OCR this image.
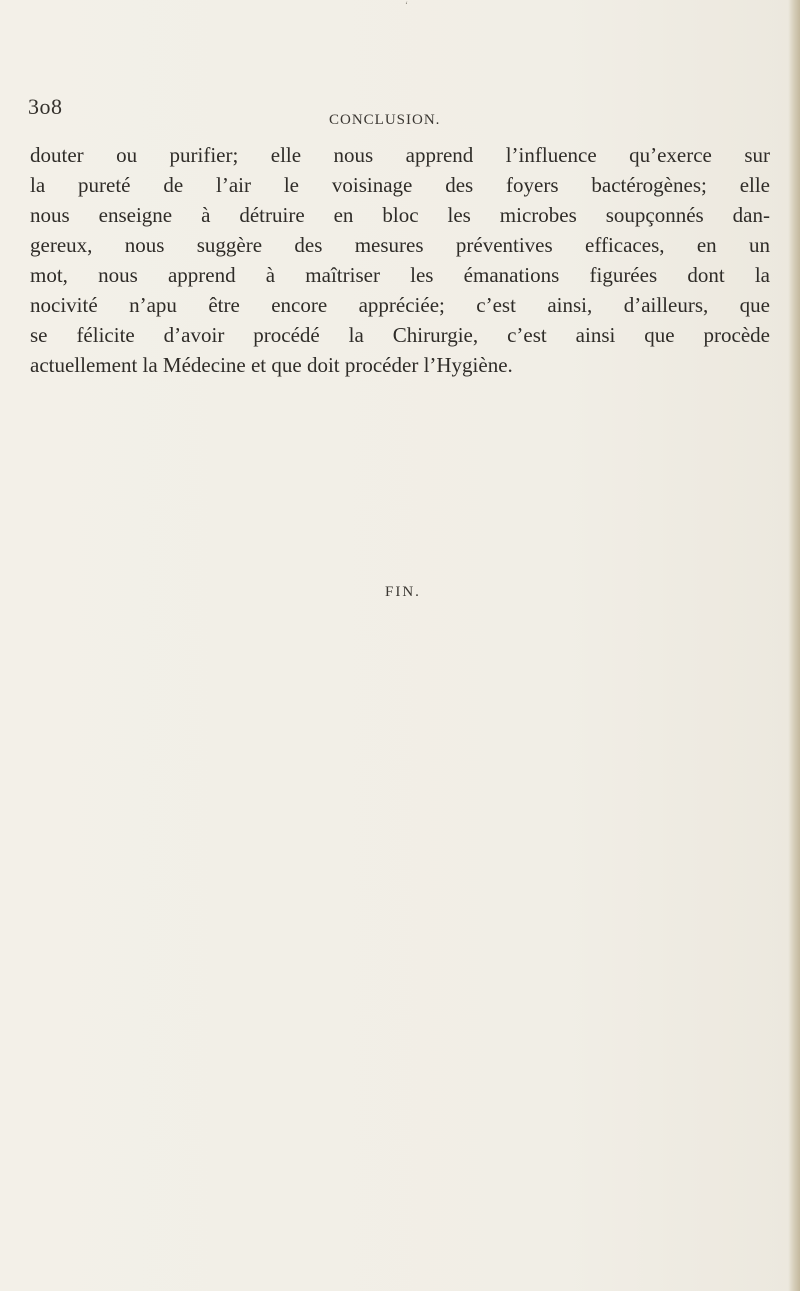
ʻ
3o8
CONCLUSION.
douter ou purifier; elle nous apprend l’influence qu’exerce sur
la pureté de l’air le voisinage des foyers bactérogènes; elle
nous enseigne à détruire en bloc les microbes soupçonnés dan-
gereux, nous suggère des mesures préventives efficaces, en un
mot, nous apprend à maîtriser les émanations figurées dont la
nocivité n’apu être encore appréciée; c’est ainsi, d’ailleurs, que
se félicite d’avoir procédé la Chirurgie, c’est ainsi que procède
actuellement la Médecine et que doit procéder l’Hygiène.
FIN.
